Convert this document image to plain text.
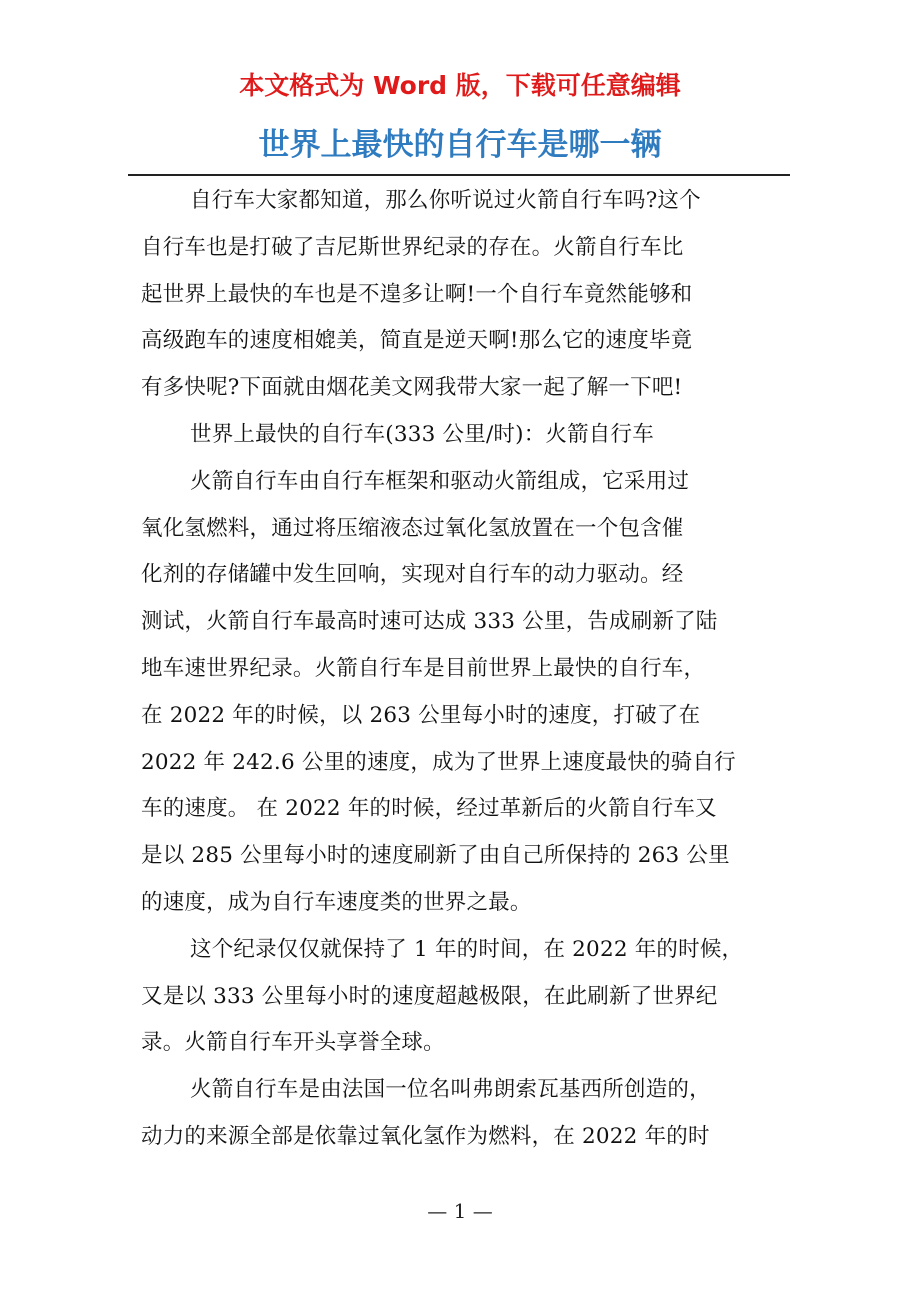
本文格式为 Word 版，下载可任意编辑
世界上最快的自行车是哪一辆
自行车大家都知道，那么你听说过火箭自行车吗?这个
自行车也是打破了吉尼斯世界纪录的存在。火箭自行车比
起世界上最快的车也是不遑多让啊!一个自行车竟然能够和
高级跑车的速度相媲美，简直是逆天啊!那么它的速度毕竟
有多快呢?下面就由烟花美文网我带大家一起了解一下吧!
世界上最快的自行车(333 公里/时)：火箭自行车
火箭自行车由自行车框架和驱动火箭组成，它采用过
氧化氢燃料，通过将压缩液态过氧化氢放置在一个包含催
化剂的存储罐中发生回响，实现对自行车的动力驱动。经
测试，火箭自行车最高时速可达成 333 公里，告成刷新了陆
地车速世界纪录。火箭自行车是目前世界上最快的自行车，
在 2022 年的时候，以 263 公里每小时的速度，打破了在
2022 年 242.6 公里的速度，成为了世界上速度最快的骑自行
车的速度。 在 2022 年的时候，经过革新后的火箭自行车又
是以 285 公里每小时的速度刷新了由自己所保持的 263 公里
的速度，成为自行车速度类的世界之最。
这个纪录仅仅就保持了 1 年的时间，在 2022 年的时候，
又是以 333 公里每小时的速度超越极限，在此刷新了世界纪
录。火箭自行车开头享誉全球。
火箭自行车是由法国一位名叫弗朗索瓦基西所创造的，
动力的来源全部是依靠过氧化氢作为燃料，在 2022 年的时
— 1 —
